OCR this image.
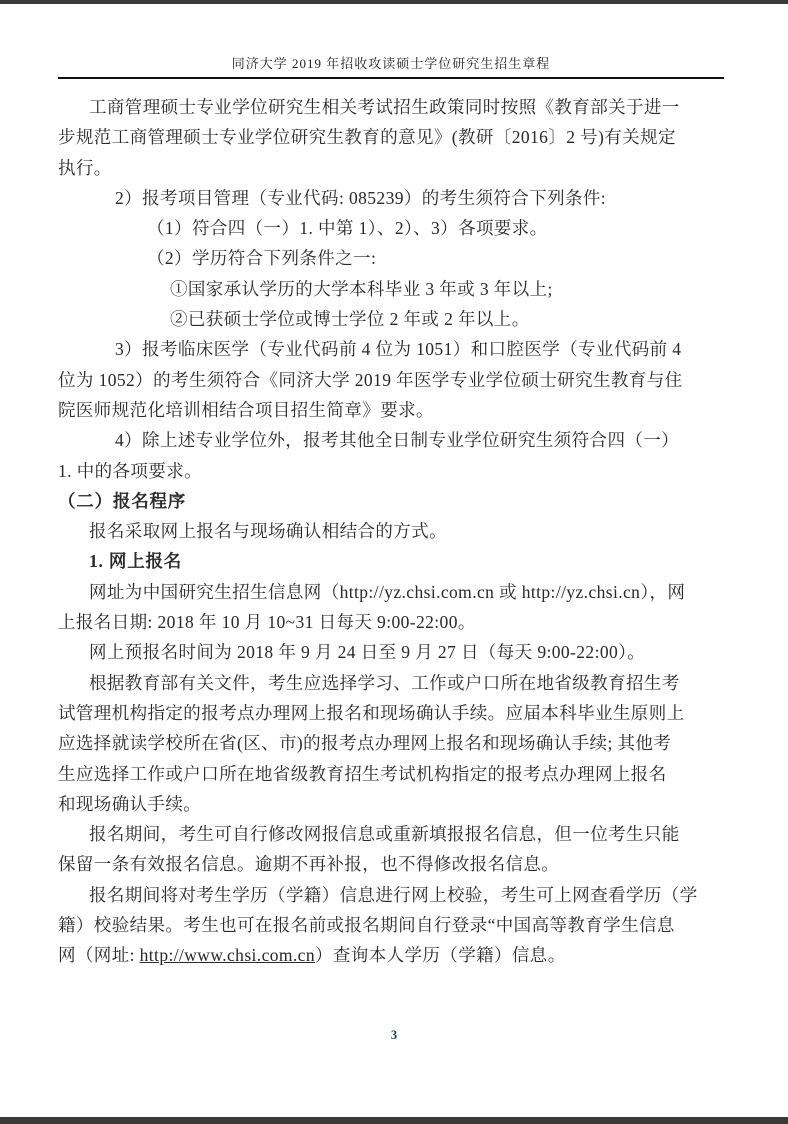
同济大学 2019 年招收攻读硕士学位研究生招生章程
工商管理硕士专业学位研究生相关考试招生政策同时按照《教育部关于进一
步规范工商管理硕士专业学位研究生教育的意见》(教研〔2016〕2 号)有关规定
执行。
2）报考项目管理（专业代码: 085239）的考生须符合下列条件:
（1）符合四（一）1. 中第 1）、2）、3）各项要求。
（2）学历符合下列条件之一:
①国家承认学历的大学本科毕业 3 年或 3 年以上;
②已获硕士学位或博士学位 2 年或 2 年以上。
3）报考临床医学（专业代码前 4 位为 1051）和口腔医学（专业代码前 4
位为 1052）的考生须符合《同济大学 2019 年医学专业学位硕士研究生教育与住
院医师规范化培训相结合项目招生简章》要求。
4）除上述专业学位外，报考其他全日制专业学位研究生须符合四（一）
1. 中的各项要求。
（二）报名程序
报名采取网上报名与现场确认相结合的方式。
1. 网上报名
网址为中国研究生招生信息网（http://yz.chsi.com.cn 或 http://yz.chsi.cn），网
上报名日期: 2018 年 10 月 10~31 日每天 9:00-22:00。
网上预报名时间为 2018 年 9 月 24 日至 9 月 27 日（每天 9:00-22:00）。
根据教育部有关文件，考生应选择学习、工作或户口所在地省级教育招生考
试管理机构指定的报考点办理网上报名和现场确认手续。应届本科毕业生原则上
应选择就读学校所在省(区、市)的报考点办理网上报名和现场确认手续; 其他考
生应选择工作或户口所在地省级教育招生考试机构指定的报考点办理网上报名
和现场确认手续。
报名期间，考生可自行修改网报信息或重新填报报名信息，但一位考生只能
保留一条有效报名信息。逾期不再补报，也不得修改报名信息。
报名期间将对考生学历（学籍）信息进行网上校验，考生可上网查看学历（学
籍）校验结果。考生也可在报名前或报名期间自行登录“中国高等教育学生信息
网（网址: http://www.chsi.com.cn）查询本人学历（学籍）信息。
3
